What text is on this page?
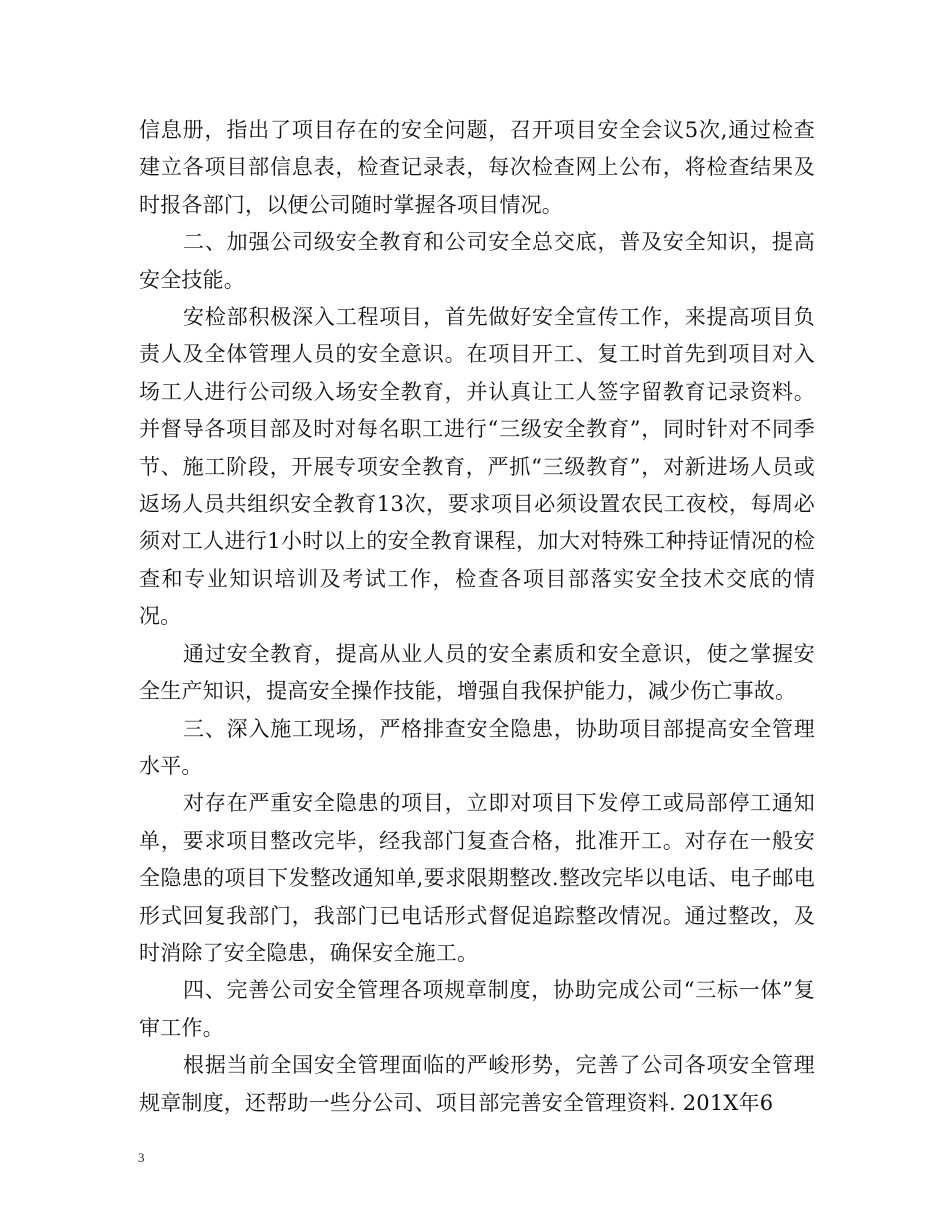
信息册，指出了项目存在的安全问题，召开项目安全会议5次,通过检查建立各项目部信息表，检查记录表，每次检查网上公布，将检查结果及时报各部门，以便公司随时掌握各项目情况。

二、加强公司级安全教育和公司安全总交底，普及安全知识，提高安全技能。

安检部积极深入工程项目，首先做好安全宣传工作，来提高项目负责人及全体管理人员的安全意识。在项目开工、复工时首先到项目对入场工人进行公司级入场安全教育，并认真让工人签字留教育记录资料。并督导各项目部及时对每名职工进行“三级安全教育”，同时针对不同季节、施工阶段，开展专项安全教育，严抓“三级教育”，对新进场人员或返场人员共组织安全教育13次，要求项目必须设置农民工夜校，每周必须对工人进行1小时以上的安全教育课程，加大对特殊工种持证情况的检查和专业知识培训及考试工作，检查各项目部落实安全技术交底的情况。

通过安全教育，提高从业人员的安全素质和安全意识，使之掌握安全生产知识，提高安全操作技能，增强自我保护能力，减少伤亡事故。

三、深入施工现场，严格排查安全隐患，协助项目部提高安全管理水平。

对存在严重安全隐患的项目，立即对项目下发停工或局部停工通知单，要求项目整改完毕，经我部门复查合格，批准开工。对存在一般安全隐患的项目下发整改通知单,要求限期整改.整改完毕以电话、电子邮电形式回复我部门，我部门已电话形式督促追踪整改情况。通过整改，及时消除了安全隐患，确保安全施工。

四、完善公司安全管理各项规章制度，协助完成公司“三标一体”复审工作。

根据当前全国安全管理面临的严峻形势，完善了公司各项安全管理规章制度，还帮助一些分公司、项目部完善安全管理资料. 201X年6

3
